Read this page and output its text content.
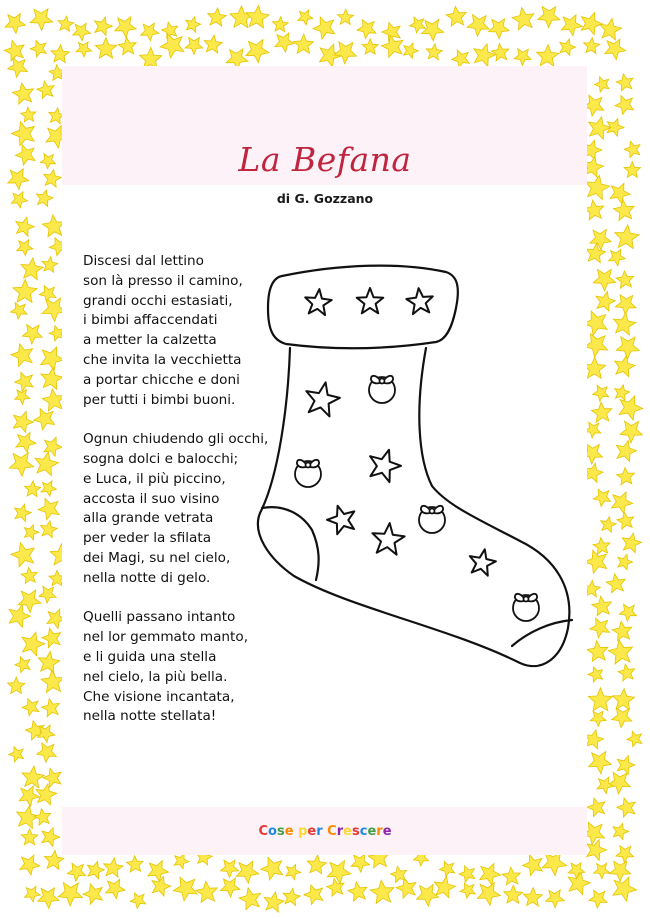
La Befana
di G. Gozzano
Discesi dal lettino
son là presso il camino,
grandi occhi estasiati,
i bimbi affaccendati
a metter la calzetta
che invita la vecchietta
a portar chicche e doni
per tutti i bimbi buoni.
Ognun chiudendo gli occhi,
sogna dolci e balocchi;
e Luca, il più piccino,
accosta il suo visino
alla grande vetrata
per veder la sfilata
dei Magi, su nel cielo,
nella notte di gelo.
Quelli passano intanto
nel lor gemmato manto,
e li guida una stella
nel cielo, la più bella.
Che visione incantata,
nella notte stellata!
Cose per Crescere
